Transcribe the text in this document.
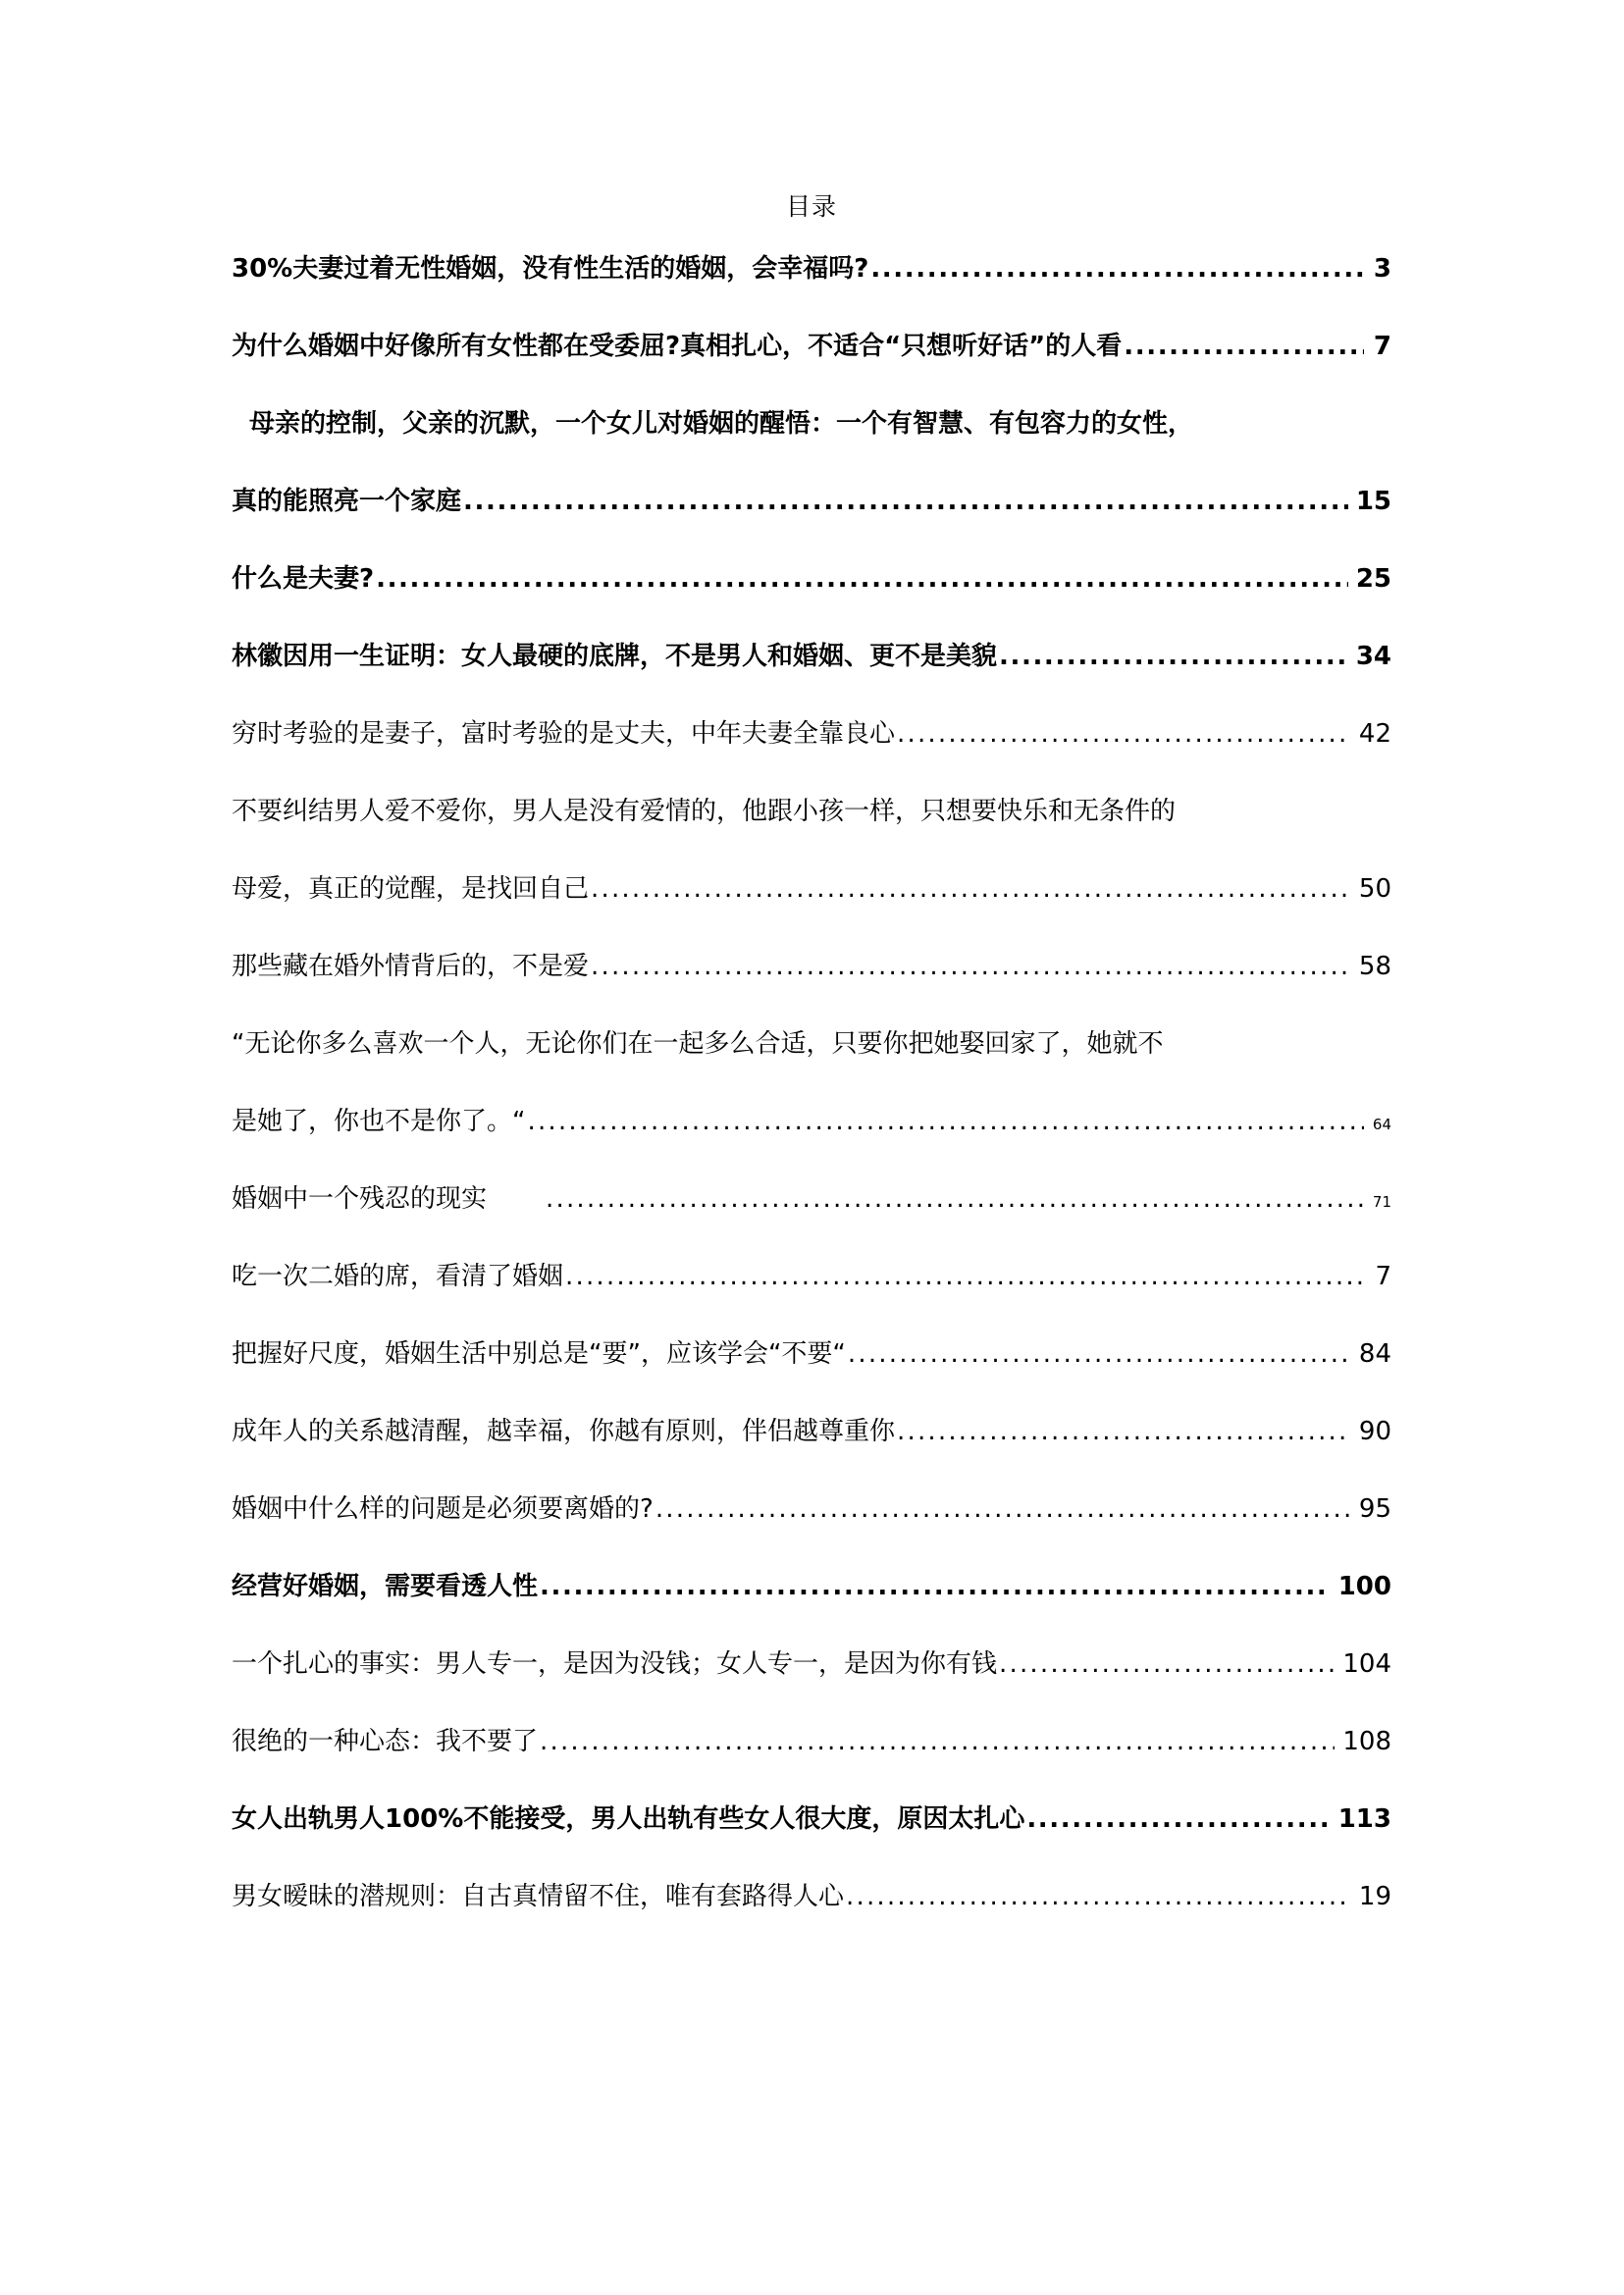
目录
30%夫妻过着无性婚姻，没有性生活的婚姻，会幸福吗? .....	3
为什么婚姻中好像所有女性都在受委屈?真相扎心，不适合“只想听好话”的人看 .....	7
母亲的控制，父亲的沉默，一个女儿对婚姻的醒悟：一个有智慧、有包容力的女性，
真的能照亮一个家庭 .....	15
什么是夫妻? .....	25
林徽因用一生证明：女人最硬的底牌，不是男人和婚姻、更不是美貌 .....	34
穷时考验的是妻子，富时考验的是丈夫，中年夫妻全靠良心 .....	42
不要纠结男人爱不爱你，男人是没有爱情的，他跟小孩一样，只想要快乐和无条件的
母爱，真正的觉醒，是找回自己 .....	50
那些藏在婚外情背后的，不是爱 .....	58
“无论你多么喜欢一个人，无论你们在一起多么合适，只要你把她娶回家了，她就不
是她了，你也不是你了。“ .....	64
婚姻中一个残忍的现实 .....	71
吃一次二婚的席，看清了婚姻 .....	7
把握好尺度，婚姻生活中别总是“要”，应该学会“不要“ .....	84
成年人的关系越清醒，越幸福，你越有原则，伴侣越尊重你 .....	90
婚姻中什么样的问题是必须要离婚的? .....	95
经营好婚姻，需要看透人性 .....	100
一个扎心的事实：男人专一，是因为没钱；女人专一，是因为你有钱 .....	104
很绝的一种心态：我不要了 .....	108
女人出轨男人100%不能接受，男人出轨有些女人很大度，原因太扎心 .....	113
男女暧昧的潜规则：自古真情留不住，唯有套路得人心 .....	19
